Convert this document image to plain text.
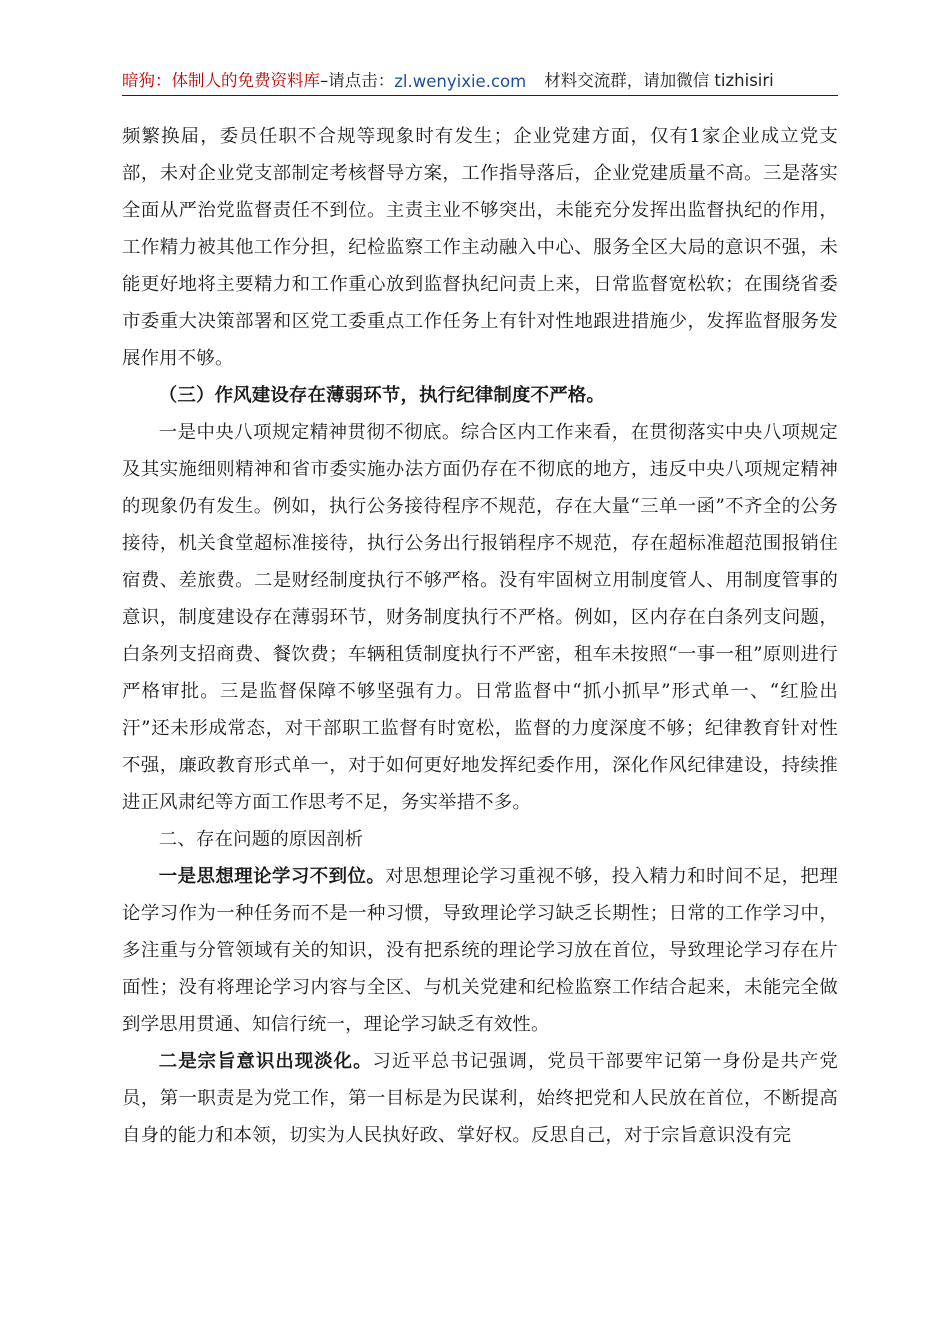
暗狗：体制人的免费资料库 –请点击： zl.wenyixie.com 材料交流群，请加微信 tizhisiri

频繁换届，委员任职不合规等现象时有发生；企业党建方面，仅有1家企业成立党支部，未对企业党支部制定考核督导方案，工作指导落后，企业党建质量不高。三是落实全面从严治党监督责任不到位。主责主业不够突出，未能充分发挥出监督执纪的作用，工作精力被其他工作分担，纪检监察工作主动融入中心、服务全区大局的意识不强，未能更好地将主要精力和工作重心放到监督执纪问责上来，日常监督宽松软；在围绕省委市委重大决策部署和区党工委重点工作任务上有针对性地跟进措施少，发挥监督服务发展作用不够。

（三）作风建设存在薄弱环节，执行纪律制度不严格。

一是中央八项规定精神贯彻不彻底。综合区内工作来看，在贯彻落实中央八项规定及其实施细则精神和省市委实施办法方面仍存在不彻底的地方，违反中央八项规定精神的现象仍有发生。例如，执行公务接待程序不规范，存在大量“三单一函”不齐全的公务接待，机关食堂超标准接待，执行公务出行报销程序不规范，存在超标准超范围报销住宿费、差旅费。二是财经制度执行不够严格。没有牢固树立用制度管人、用制度管事的意识，制度建设存在薄弱环节，财务制度执行不严格。例如，区内存在白条列支问题，白条列支招商费、餐饮费；车辆租赁制度执行不严密，租车未按照“一事一租”原则进行严格审批。三是监督保障不够坚强有力。日常监督中“抓小抓早”形式单一、“红脸出汗”还未形成常态，对干部职工监督有时宽松，监督的力度深度不够；纪律教育针对性不强，廉政教育形式单一，对于如何更好地发挥纪委作用，深化作风纪律建设，持续推进正风肃纪等方面工作思考不足，务实举措不多。

二、存在问题的原因剖析

一是思想理论学习不到位。对思想理论学习重视不够，投入精力和时间不足，把理论学习作为一种任务而不是一种习惯，导致理论学习缺乏长期性；日常的工作学习中，多注重与分管领域有关的知识，没有把系统的理论学习放在首位，导致理论学习存在片面性；没有将理论学习内容与全区、与机关党建和纪检监察工作结合起来，未能完全做到学思用贯通、知信行统一，理论学习缺乏有效性。

二是宗旨意识出现淡化。习近平总书记强调，党员干部要牢记第一身份是共产党员，第一职责是为党工作，第一目标是为民谋利，始终把党和人民放在首位，不断提高自身的能力和本领，切实为人民执好政、掌好权。反思自己，对于宗旨意识没有完
